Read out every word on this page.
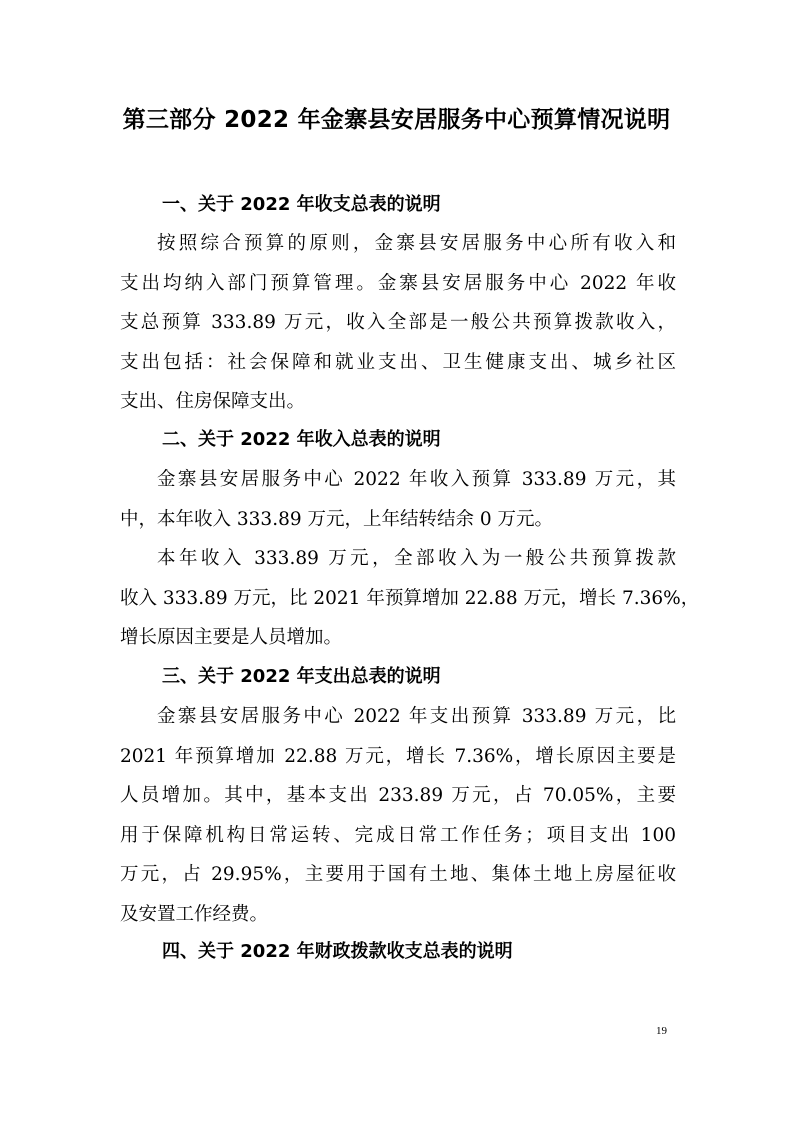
第三部分 2022 年金寨县安居服务中心预算情况说明
一、关于 2022 年收支总表的说明
按照综合预算的原则，金寨县安居服务中心所有收入和
支出均纳入部门预算管理。金寨县安居服务中心 2022 年收
支总预算 333.89 万元，收入全部是一般公共预算拨款收入，
支出包括：社会保障和就业支出、卫生健康支出、城乡社区
支出、住房保障支出。
二、关于 2022 年收入总表的说明
金寨县安居服务中心 2022 年收入预算 333.89 万元，其
中，本年收入 333.89 万元，上年结转结余 0 万元。
本年收入 333.89 万元，全部收入为一般公共预算拨款
收入 333.89 万元，比 2021 年预算增加 22.88 万元，增长 7.36%，
增长原因主要是人员增加。
三、关于 2022 年支出总表的说明
金寨县安居服务中心 2022 年支出预算 333.89 万元，比
2021 年预算增加 22.88 万元，增长 7.36%，增长原因主要是
人员增加。其中，基本支出 233.89 万元，占 70.05%，主要
用于保障机构日常运转、完成日常工作任务；项目支出 100
万元，占 29.95%，主要用于国有土地、集体土地上房屋征收
及安置工作经费。
四、关于 2022 年财政拨款收支总表的说明
19
